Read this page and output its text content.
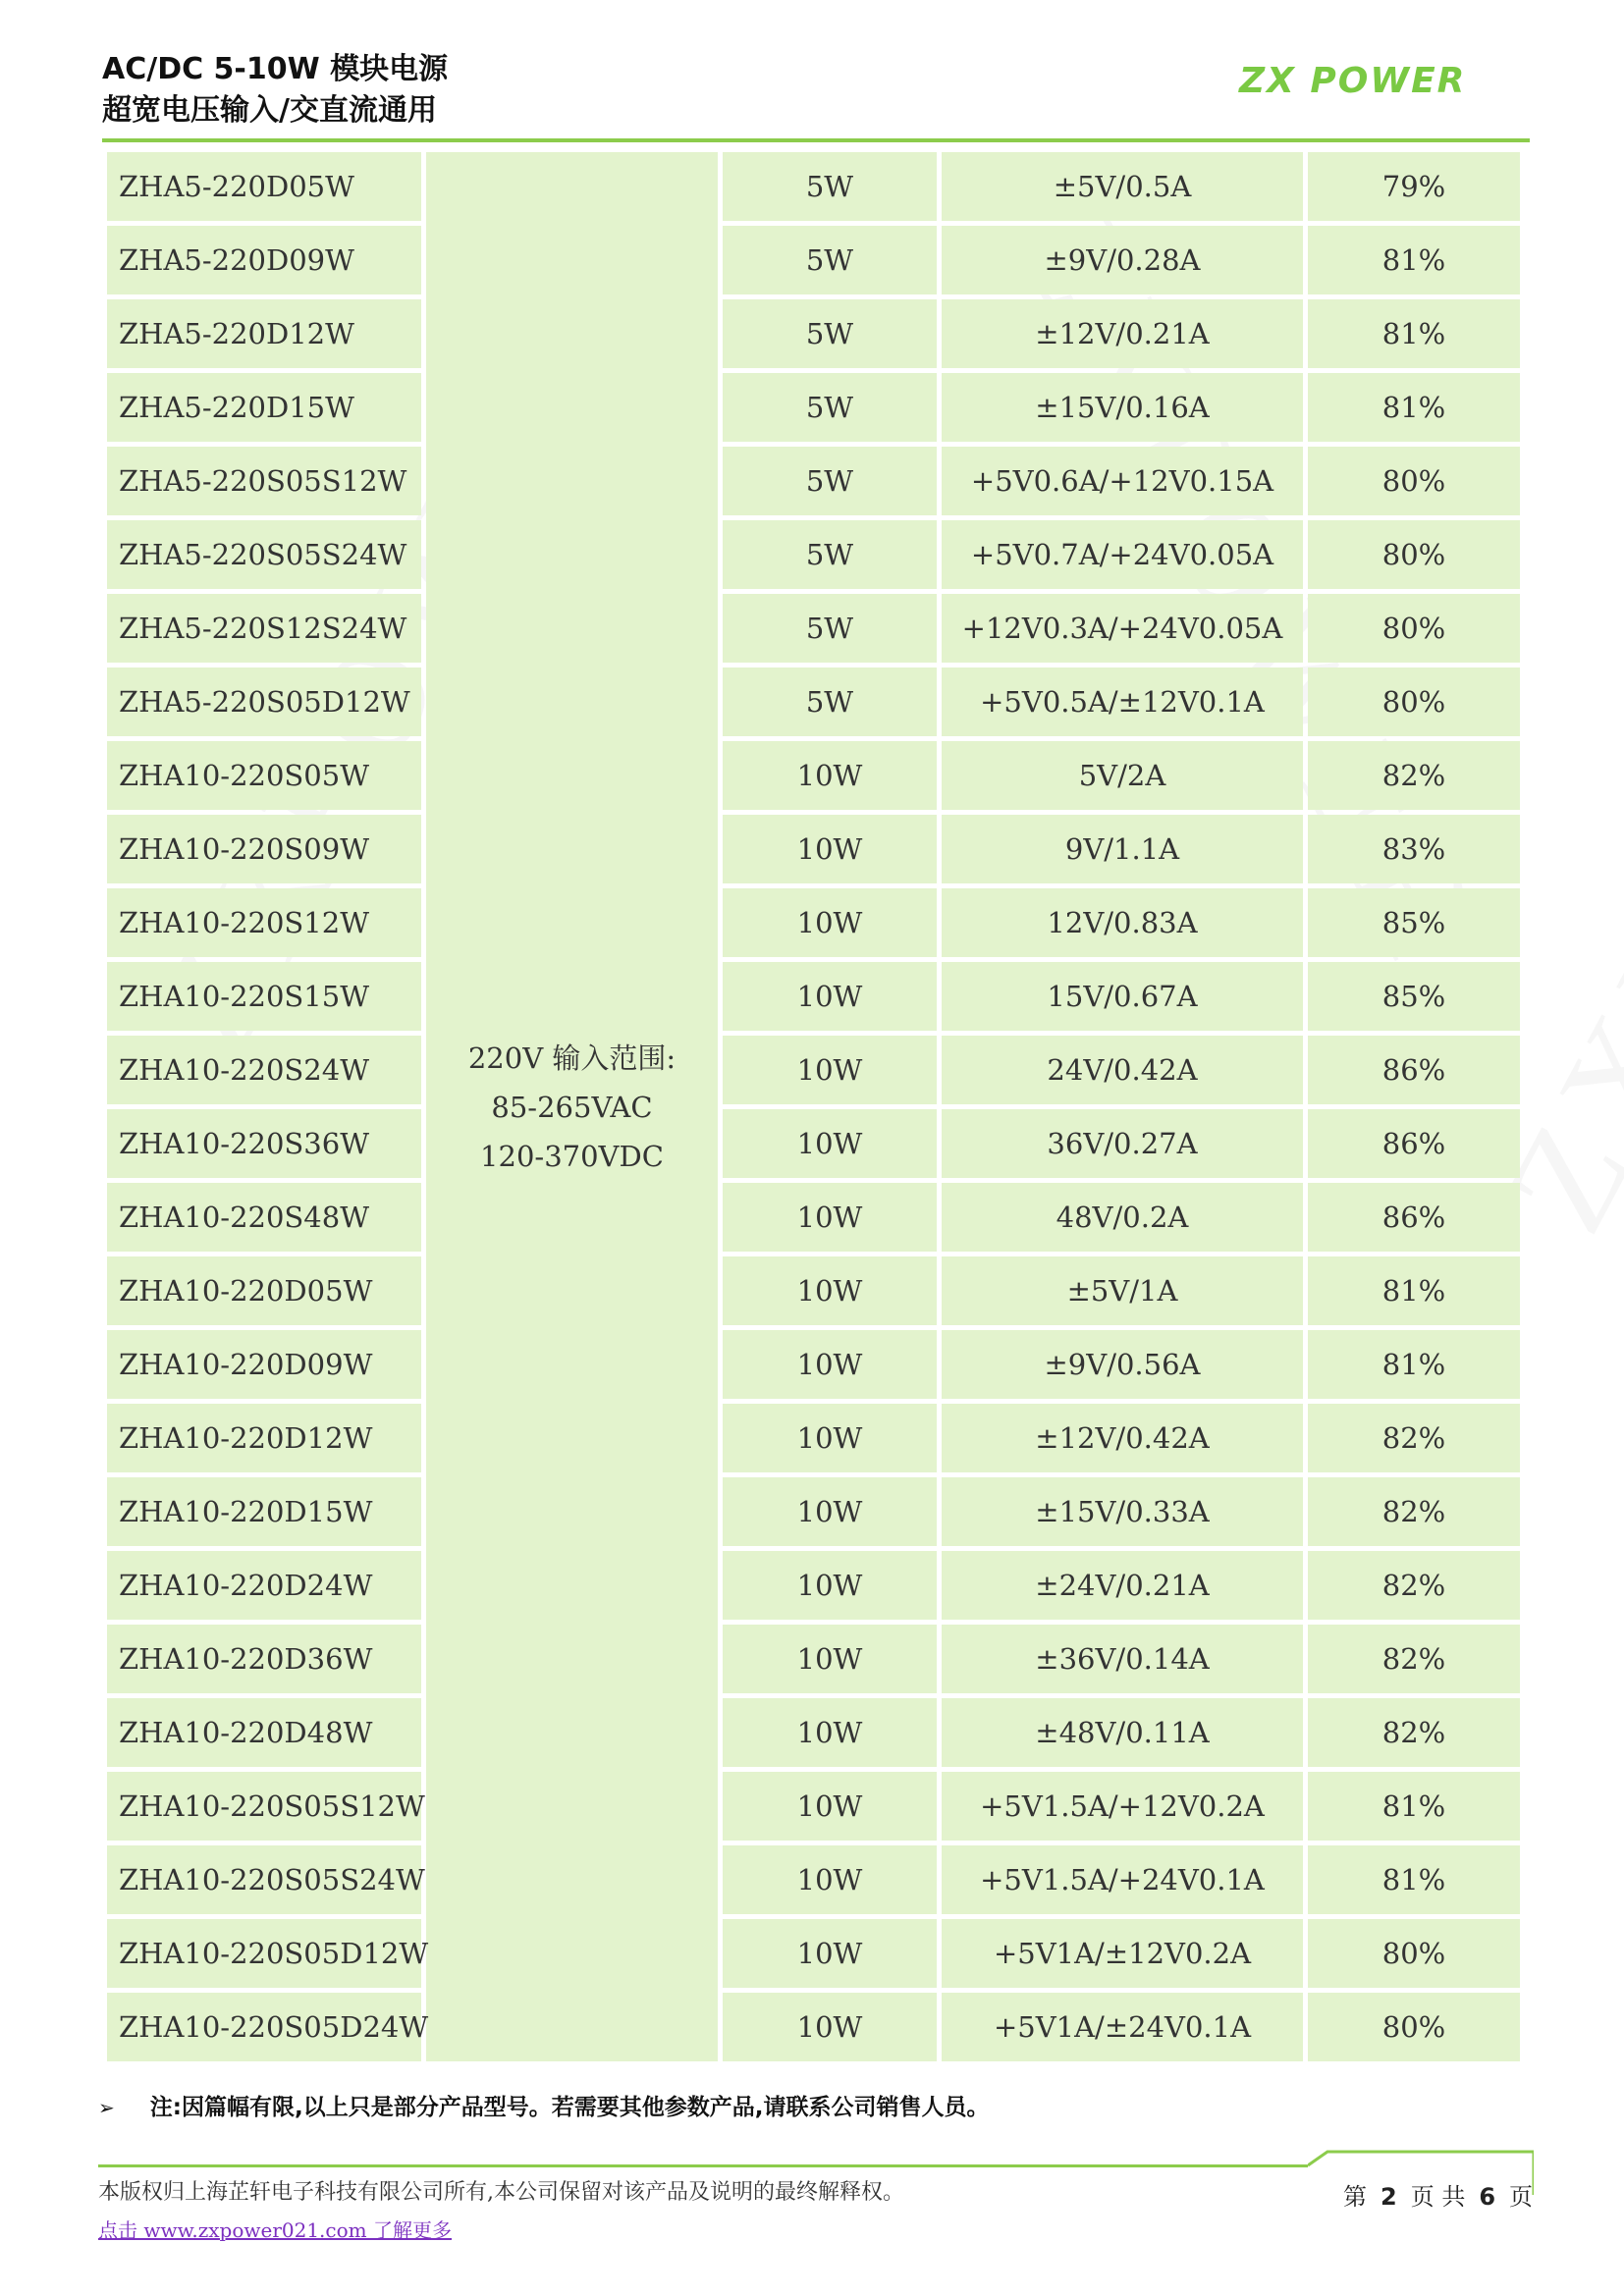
AC/DC 5-10W 模块电源
超宽电压输入/交直流通用
ZX POWER
ZHA5-220D05W	220V 输入范围:
85-265VAC
120-370VDC	5W	±5V/0.5A	79%
ZHA5-220D09W		5W	±9V/0.28A	81%
ZHA5-220D12W		5W	±12V/0.21A	81%
ZHA5-220D15W		5W	±15V/0.16A	81%
ZHA5-220S05S12W		5W	+5V0.6A/+12V0.15A	80%
ZHA5-220S05S24W		5W	+5V0.7A/+24V0.05A	80%
ZHA5-220S12S24W		5W	+12V0.3A/+24V0.05A	80%
ZHA5-220S05D12W		5W	+5V0.5A/±12V0.1A	80%
ZHA10-220S05W		10W	5V/2A	82%
ZHA10-220S09W		10W	9V/1.1A	83%
ZHA10-220S12W		10W	12V/0.83A	85%
ZHA10-220S15W		10W	15V/0.67A	85%
ZHA10-220S24W		10W	24V/0.42A	86%
ZHA10-220S36W		10W	36V/0.27A	86%
ZHA10-220S48W		10W	48V/0.2A	86%
ZHA10-220D05W		10W	±5V/1A	81%
ZHA10-220D09W		10W	±9V/0.56A	81%
ZHA10-220D12W		10W	±12V/0.42A	82%
ZHA10-220D15W		10W	±15V/0.33A	82%
ZHA10-220D24W		10W	±24V/0.21A	82%
ZHA10-220D36W		10W	±36V/0.14A	82%
ZHA10-220D48W		10W	±48V/0.11A	82%
ZHA10-220S05S12W		10W	+5V1.5A/+12V0.2A	81%
ZHA10-220S05S24W		10W	+5V1.5A/+24V0.1A	81%
ZHA10-220S05D12W		10W	+5V1A/±12V0.2A	80%
ZHA10-220S05D24W		10W	+5V1A/±24V0.1A	80%
➢ 注:因篇幅有限,以上只是部分产品型号。若需要其他参数产品,请联系公司销售人员。
本版权归上海芷轩电子科技有限公司所有,本公司保留对该产品及说明的最终解释权。	第 2 页 共 6 页
点击 www.zxpower021.com 了解更多
